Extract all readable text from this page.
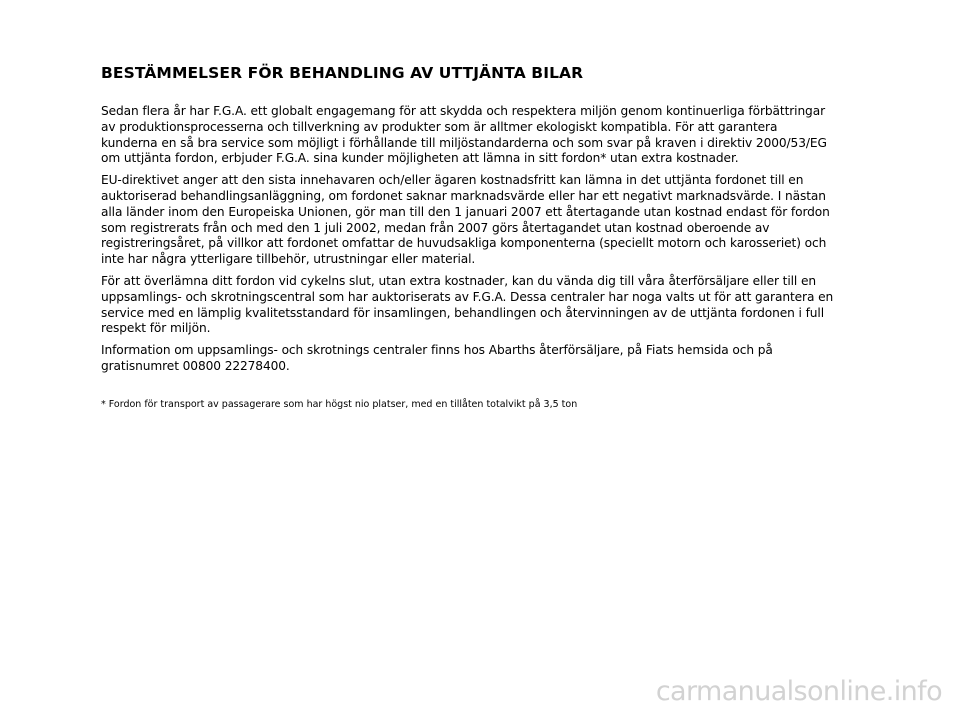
BESTÄMMELSER FÖR BEHANDLING AV UTTJÄNTA BILAR

Sedan flera år har F.G.A. ett globalt engagemang för att skydda och respektera miljön genom kontinuerliga förbättringar av produktionsprocesserna och tillverkning av produkter som är alltmer ekologiskt kompatibla. För att garantera kunderna en så bra service som möjligt i förhållande till miljöstandarderna och som svar på kraven i direktiv 2000/53/EG om uttjänta fordon, erbjuder F.G.A. sina kunder möjligheten att lämna in sitt fordon* utan extra kostnader.

EU-direktivet anger att den sista innehavaren och/eller ägaren kostnadsfritt kan lämna in det uttjänta fordonet till en auktoriserad behandlingsanläggning, om fordonet saknar marknadsvärde eller har ett negativt marknadsvärde. I nästan alla länder inom den Europeiska Unionen, gör man till den 1 januari 2007 ett återtagande utan kostnad endast för fordon som registrerats från och med den 1 juli 2002, medan från 2007 görs återtagandet utan kostnad oberoende av registreringsåret, på villkor att fordonet omfattar de huvudsakliga komponenterna (speciellt motorn och karosseriet) och inte har några ytterligare tillbehör, utrustningar eller material.

För att överlämna ditt fordon vid cykelns slut, utan extra kostnader, kan du vända dig till våra återförsäljare eller till en uppsamlings- och skrotningscentral som har auktoriserats av F.G.A. Dessa centraler har noga valts ut för att garantera en service med en lämplig kvalitetsstandard för insamlingen, behandlingen och återvinningen av de uttjänta fordonen i full respekt för miljön.

Information om uppsamlings- och skrotnings centraler finns hos Abarths återförsäljare, på Fiats hemsida och på gratisnumret 00800 22278400.

* Fordon för transport av passagerare som har högst nio platser, med en tillåten totalvikt på 3,5 ton

carmanualsonline.info
